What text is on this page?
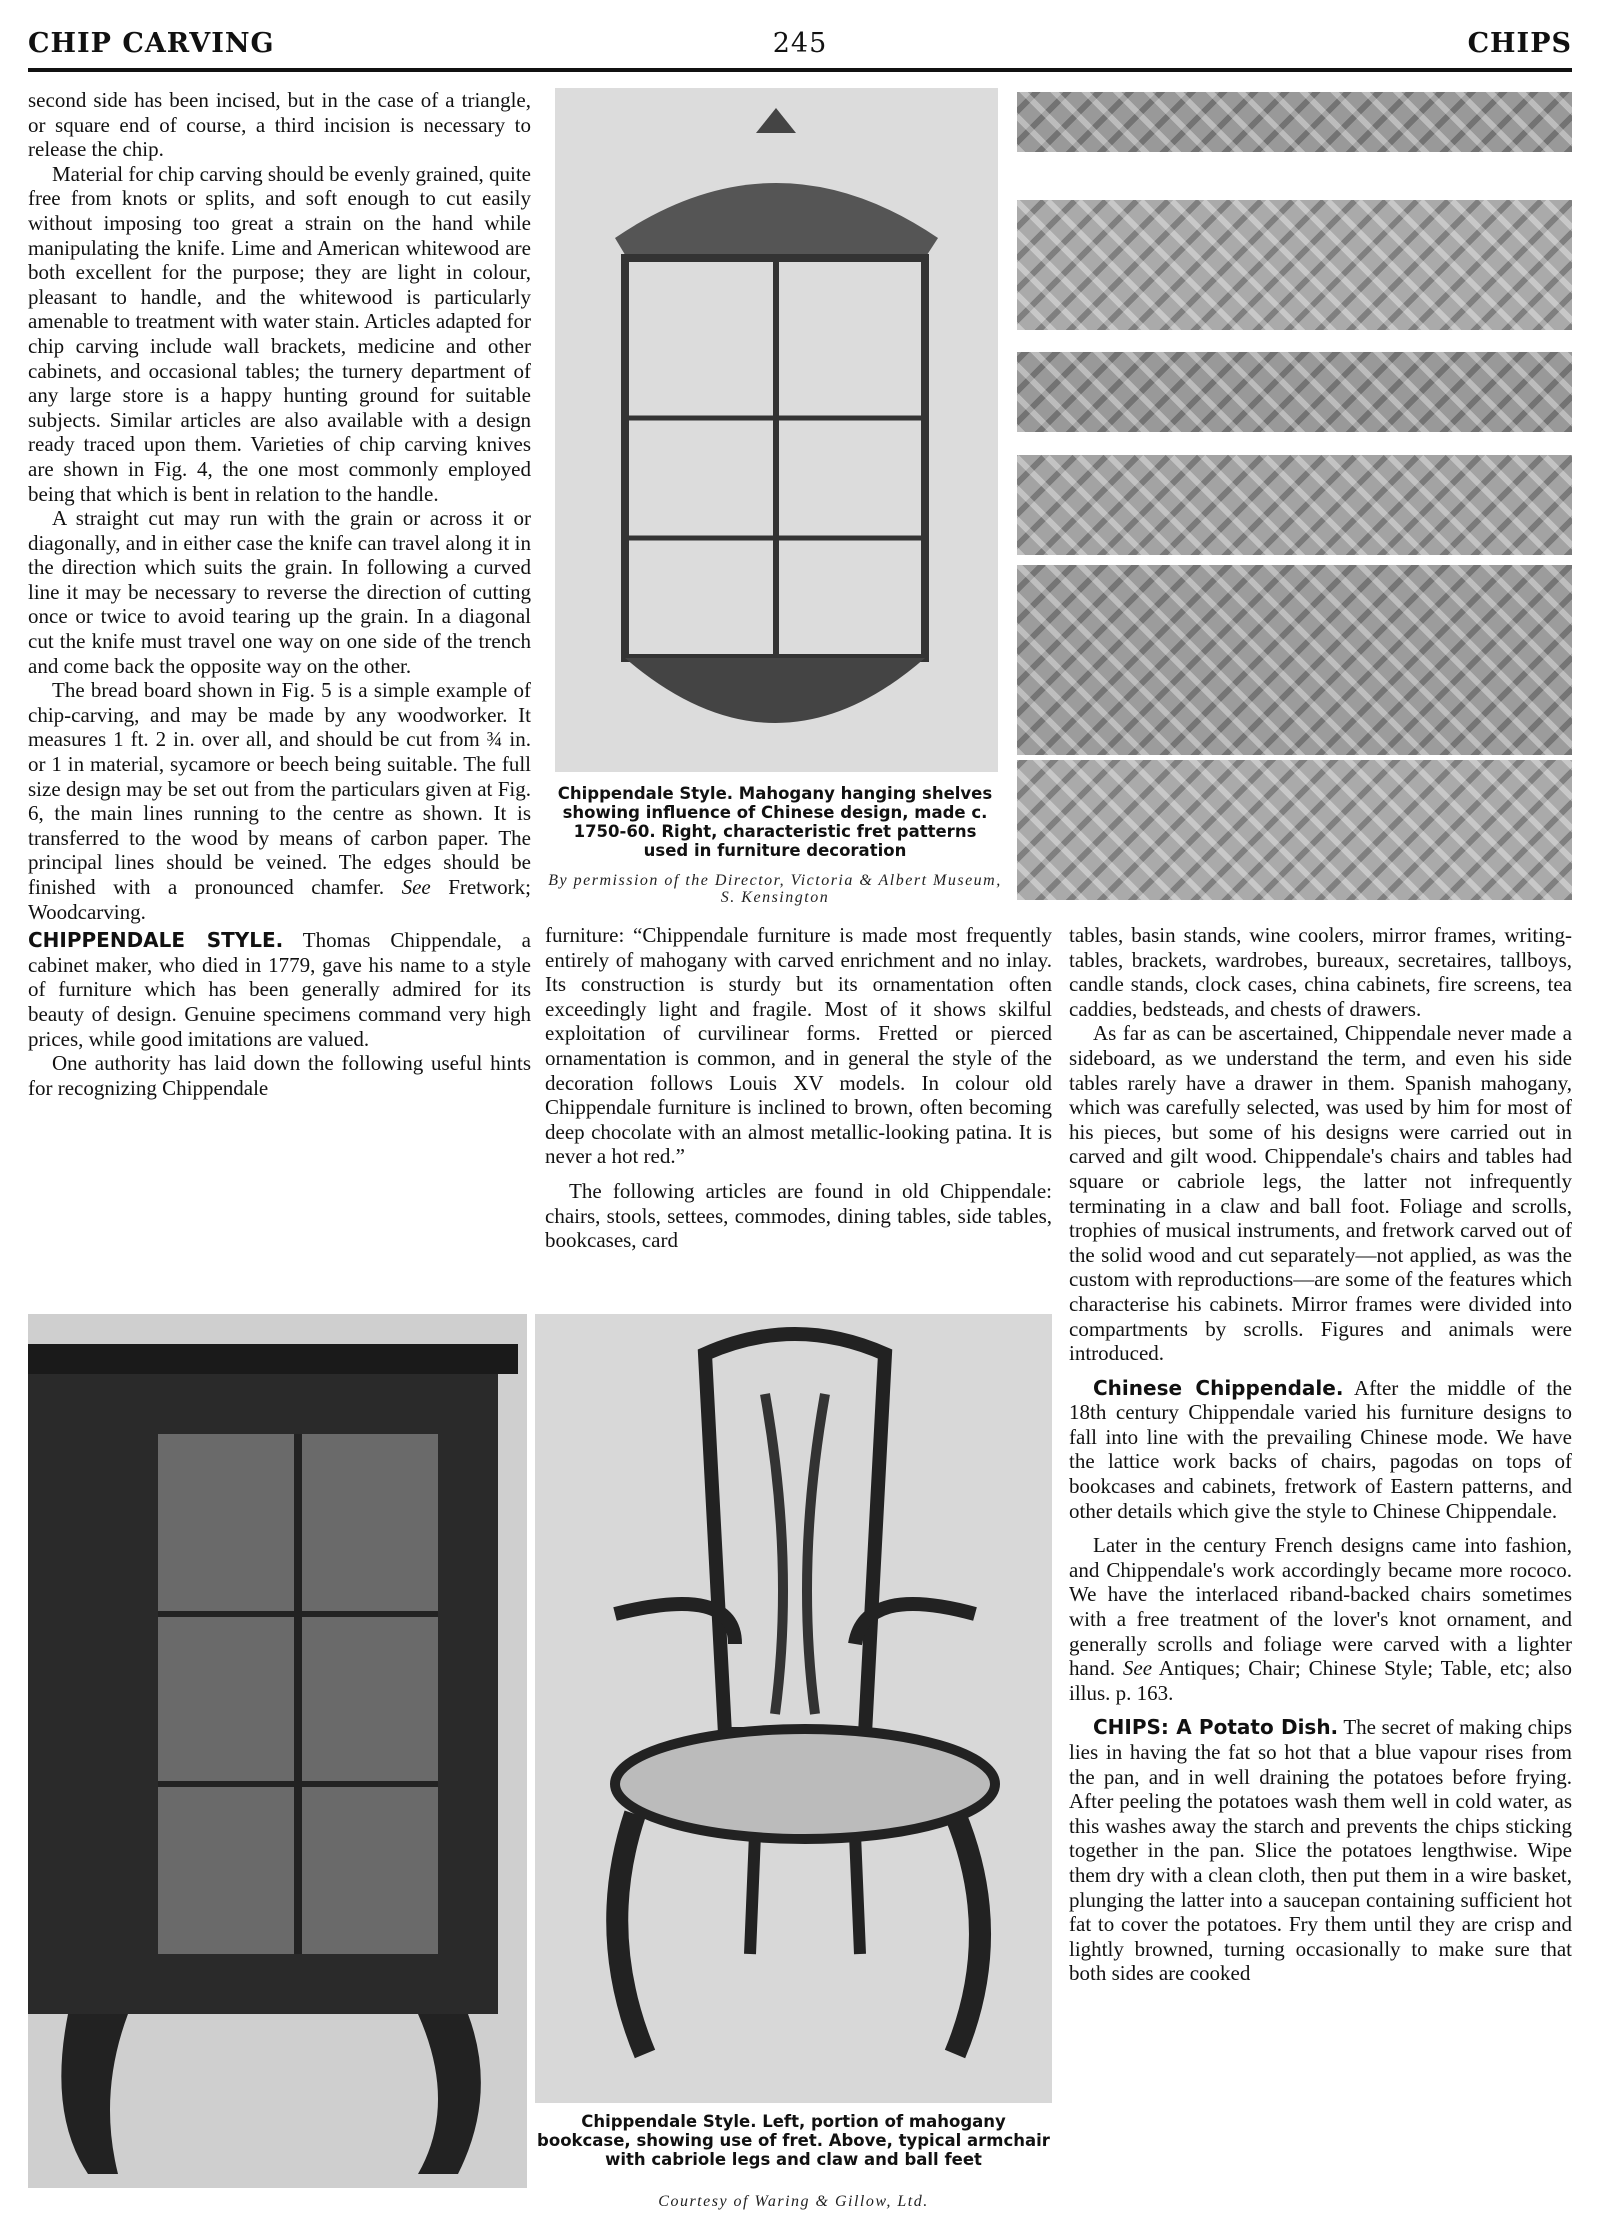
CHIP CARVING	245	CHIPS

second side has been incised, but in the case of a triangle, or square end of course, a third incision is necessary to release the chip.

Material for chip carving should be evenly grained, quite free from knots or splits, and soft enough to cut easily without imposing too great a strain on the hand while manipulating the knife. Lime and American whitewood are both excellent for the purpose; they are light in colour, pleasant to handle, and the whitewood is particularly amenable to treatment with water stain. Articles adapted for chip carving include wall brackets, medicine and other cabinets, and occasional tables; the turnery department of any large store is a happy hunting ground for suitable subjects. Similar articles are also available with a design ready traced upon them. Varieties of chip carving knives are shown in Fig. 4, the one most commonly employed being that which is bent in relation to the handle.

A straight cut may run with the grain or across it or diagonally, and in either case the knife can travel along it in the direction which suits the grain. In following a curved line it may be necessary to reverse the direction of cutting once or twice to avoid tearing up the grain. In a diagonal cut the knife must travel one way on one side of the trench and come back the opposite way on the other.

The bread board shown in Fig. 5 is a simple example of chip-carving, and may be made by any woodworker. It measures 1 ft. 2 in. over all, and should be cut from ¾ in. or 1 in material, sycamore or beech being suitable. The full size design may be set out from the particulars given at Fig. 6, the main lines running to the centre as shown. It is transferred to the wood by means of carbon paper. The principal lines should be veined. The edges should be finished with a pronounced chamfer. See Fretwork; Woodcarving.

CHIPPENDALE STYLE. Thomas Chippendale, a cabinet maker, who died in 1779, gave his name to a style of furniture which has been generally admired for its beauty of design. Genuine specimens command very high prices, while good imitations are valued.

One authority has laid down the following useful hints for recognizing Chippendale

Chippendale Style. Mahogany hanging shelves showing influence of Chinese design, made c. 1750-60. Right, characteristic fret patterns used in furniture decoration
By permission of the Director, Victoria & Albert Museum, S. Kensington

furniture: “Chippendale furniture is made most frequently entirely of mahogany with carved enrichment and no inlay. Its construction is sturdy but its ornamentation often exceedingly light and fragile. Most of it shows skilful exploitation of curvilinear forms. Fretted or pierced ornamentation is common, and in general the style of the decoration follows Louis XV models. In colour old Chippendale furniture is inclined to brown, often becoming deep chocolate with an almost metallic-looking patina. It is never a hot red.”

The following articles are found in old Chippendale: chairs, stools, settees, commodes, dining tables, side tables, bookcases, card

tables, basin stands, wine coolers, mirror frames, writing-tables, brackets, wardrobes, bureaux, secretaires, tallboys, candle stands, clock cases, china cabinets, fire screens, tea caddies, bedsteads, and chests of drawers.

As far as can be ascertained, Chippendale never made a sideboard, as we understand the term, and even his side tables rarely have a drawer in them. Spanish mahogany, which was carefully selected, was used by him for most of his pieces, but some of his designs were carried out in carved and gilt wood. Chippendale's chairs and tables had square or cabriole legs, the latter not infrequently terminating in a claw and ball foot. Foliage and scrolls, trophies of musical instruments, and fretwork carved out of the solid wood and cut separately—not applied, as was the custom with reproductions—are some of the features which characterise his cabinets. Mirror frames were divided into compartments by scrolls. Figures and animals were introduced.

Chinese Chippendale. After the middle of the 18th century Chippendale varied his furniture designs to fall into line with the prevailing Chinese mode. We have the lattice work backs of chairs, pagodas on tops of bookcases and cabinets, fretwork of Eastern patterns, and other details which give the style to Chinese Chippendale.

Later in the century French designs came into fashion, and Chippendale's work accordingly became more rococo. We have the interlaced riband-backed chairs sometimes with a free treatment of the lover's knot ornament, and generally scrolls and foliage were carved with a lighter hand. See Antiques; Chair; Chinese Style; Table, etc; also illus. p. 163.

CHIPS: A Potato Dish. The secret of making chips lies in having the fat so hot that a blue vapour rises from the pan, and in well draining the potatoes before frying. After peeling the potatoes wash them well in cold water, as this washes away the starch and prevents the chips sticking together in the pan. Slice the potatoes lengthwise. Wipe them dry with a clean cloth, then put them in a wire basket, plunging the latter into a saucepan containing sufficient hot fat to cover the potatoes. Fry them until they are crisp and lightly browned, turning occasionally to make sure that both sides are cooked

Chippendale Style. Left, portion of mahogany bookcase, showing use of fret. Above, typical armchair with cabriole legs and claw and ball feet
Courtesy of Waring & Gillow, Ltd.
